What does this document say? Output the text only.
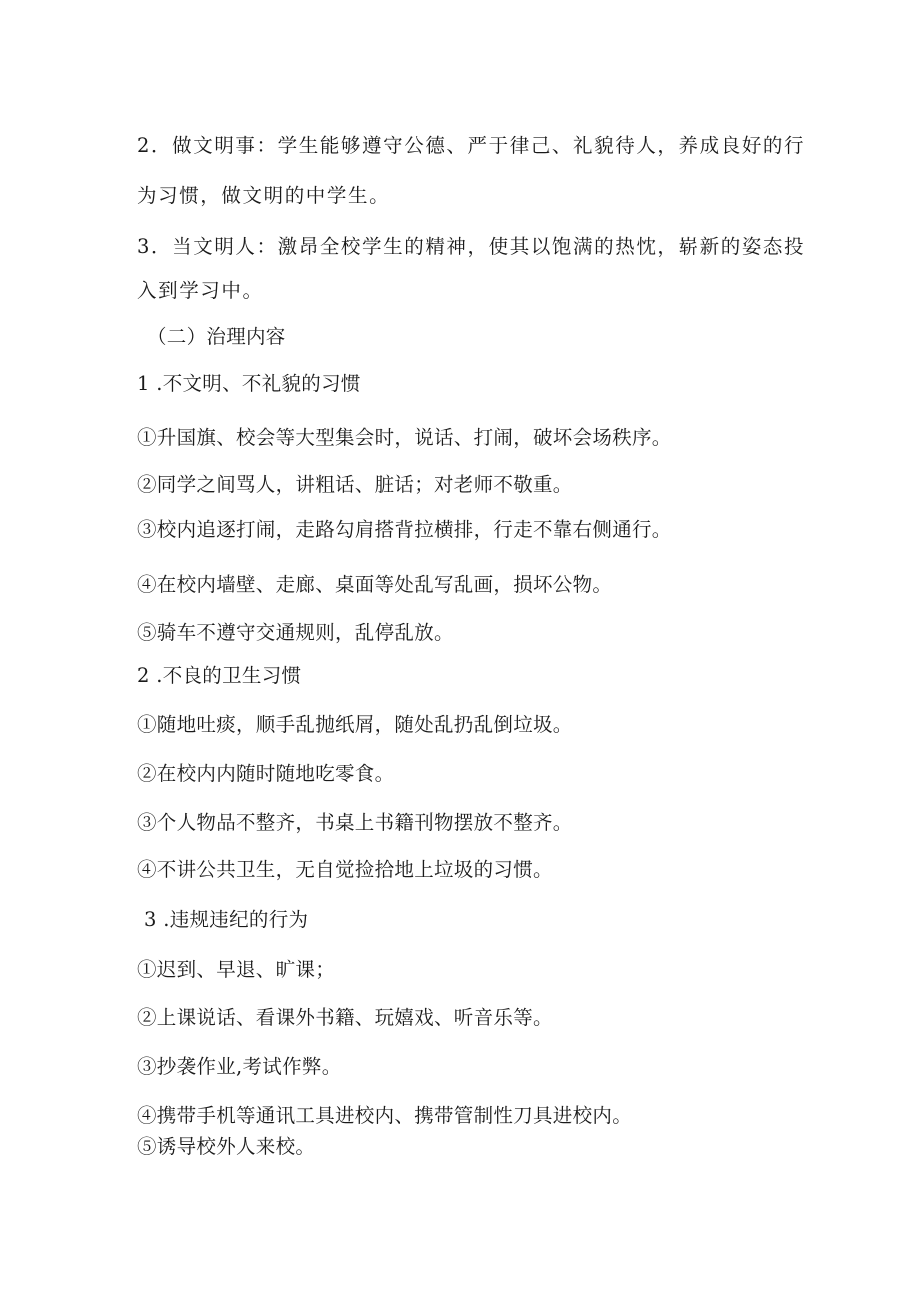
2．做文明事：学生能够遵守公德、严于律己、礼貌待人，养成良好的行
为习惯，做文明的中学生。
3．当文明人：激昂全校学生的精神，使其以饱满的热忱，崭新的姿态投
入到学习中。
（二）治理内容
1 .不文明、不礼貌的习惯
①升国旗、校会等大型集会时，说话、打闹，破坏会场秩序。
②同学之间骂人，讲粗话、脏话；对老师不敬重。
③校内追逐打闹，走路勾肩搭背拉横排，行走不靠右侧通行。
④在校内墙壁、走廊、桌面等处乱写乱画，损坏公物。
⑤骑车不遵守交通规则，乱停乱放。
2 .不良的卫生习惯
①随地吐痰，顺手乱抛纸屑，随处乱扔乱倒垃圾。
②在校内内随时随地吃零食。
③个人物品不整齐，书桌上书籍刊物摆放不整齐。
④不讲公共卫生，无自觉捡拾地上垃圾的习惯。
3 .违规违纪的行为
①迟到、早退、旷课；
②上课说话、看课外书籍、玩嬉戏、听音乐等。
③抄袭作业,考试作弊。
④携带手机等通讯工具进校内、携带管制性刀具进校内。
⑤诱导校外人来校。
